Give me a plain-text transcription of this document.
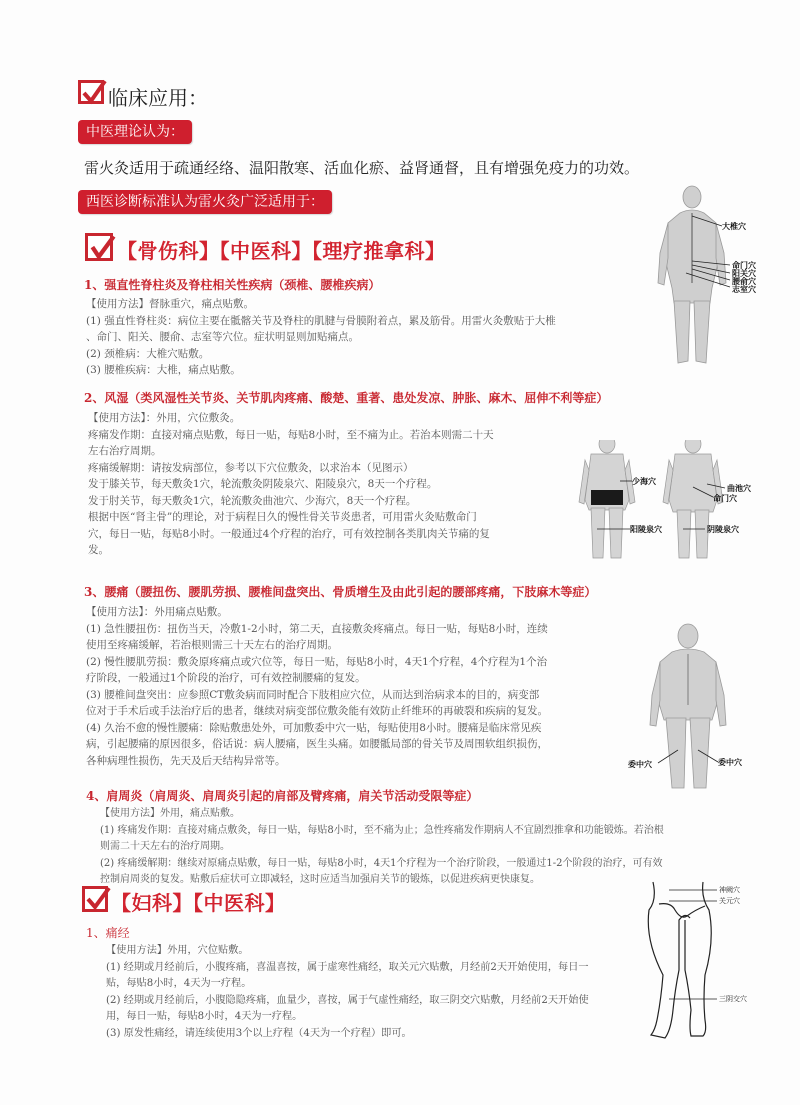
临床应用：
中医理论认为：
雷火灸适用于疏通经络、温阳散寒、活血化瘀、益肾通督，且有增强免疫力的功效。
西医诊断标准认为雷火灸广泛适用于：
【骨伤科】【中医科】【理疗推拿科】
1、强直性脊柱炎及脊柱相关性疾病（颈椎、腰椎疾病）

【使用方法】督脉重穴，痛点贴敷。

(1) 强直性脊柱炎：病位主要在骶髂关节及脊柱的肌腱与骨膜附着点，累及筋骨。用雷火灸敷贴于大椎

、命门、阳关、腰俞、志室等穴位。症状明显则加贴痛点。

(2) 颈椎病：大椎穴贴敷。

(3) 腰椎疾病：大椎，痛点贴敷。

大椎穴
命门穴
阳关穴
腰俞穴
志室穴
2、风湿（类风湿性关节炎、关节肌肉疼痛、酸楚、重著、患处发凉、肿胀、麻木、屈伸不利等症）

【使用方法】：外用，穴位敷灸。

疼痛发作期：直接对痛点贴敷，每日一贴，每贴8小时，至不痛为止。若治本则需二十天

左右治疗周期。

疼痛缓解期：请按发病部位，参考以下穴位敷灸，以求治本（见图示）

发于膝关节，每天敷灸1穴，轮流敷灸阴陵泉穴、阳陵泉穴，8天一个疗程。

发于肘关节，每天敷灸1穴，轮流敷灸曲池穴、少海穴，8天一个疗程。

根据中医“肾主骨”的理论，对于病程日久的慢性骨关节炎患者，可用雷火灸贴敷命门

穴，每日一贴，每贴8小时。一般通过4个疗程的治疗，可有效控制各类肌肉关节痛的复

发。

少海穴
阳陵泉穴
曲池穴
命门穴
阴陵泉穴
3、腰痛（腰扭伤、腰肌劳损、腰椎间盘突出、骨质增生及由此引起的腰部疼痛，下肢麻木等症）

【使用方法】：外用痛点贴敷。

(1) 急性腰扭伤：扭伤当天，冷敷1-2小时，第二天，直接敷灸疼痛点。每日一贴，每贴8小时，连续

使用至疼痛缓解，若治根则需三十天左右的治疗周期。

(2) 慢性腰肌劳损：敷灸原疼痛点或穴位等，每日一贴，每贴8小时，4天1个疗程，4个疗程为1个治

疗阶段，一般通过1个阶段的治疗，可有效控制腰痛的复发。

(3) 腰椎间盘突出：应参照CT敷灸病而同时配合下肢相应穴位，从而达到治病求本的目的，病变部

位对于手术后或手法治疗后的患者，继续对病变部位敷灸能有效防止纤维环的再破裂和疾病的复发。

(4) 久治不愈的慢性腰痛：除贴敷患处外，可加敷委中穴一贴，每贴使用8小时。腰痛是临床常见疾

病，引起腰痛的原因很多，俗话说：病人腰痛，医生头痛。如腰骶局部的骨关节及周围软组织损伤，

各种病理性损伤，先天及后天结构异常等。	委中穴	委中穴
4、肩周炎（肩周炎、肩周炎引起的肩部及臂疼痛，肩关节活动受限等症）

【使用方法】外用，痛点贴敷。

(1) 疼痛发作期：直接对痛点敷灸，每日一贴，每贴8小时，至不痛为止；急性疼痛发作期病人不宜剧烈推拿和功能锻炼。若治根

则需二十天左右的治疗周期。

(2) 疼痛缓解期：继续对原痛点贴敷，每日一贴，每贴8小时，4天1个疗程为一个治疗阶段，一般通过1-2个阶段的治疗，可有效

控制肩周炎的复发。贴敷后症状可立即减轻，这时应适当加强肩关节的锻炼，以促进疾病更快康复。

【妇科】【中医科】
1、痛经

【使用方法】外用，穴位贴敷。

(1) 经期或月经前后，小腹疼痛，喜温喜按，属于虚寒性痛经，取关元穴贴敷，月经前2天开始使用，每日一

贴，每贴8小时，4天为一疗程。

(2) 经期或月经前后，小腹隐隐疼痛，血量少，喜按，属于气虚性痛经，取三阴交穴贴敷，月经前2天开始使

用，每日一贴，每贴8小时，4天为一疗程。

(3) 原发性痛经，请连续使用3个以上疗程（4天为一个疗程）即可。

神阙穴
关元穴
三阴交穴
